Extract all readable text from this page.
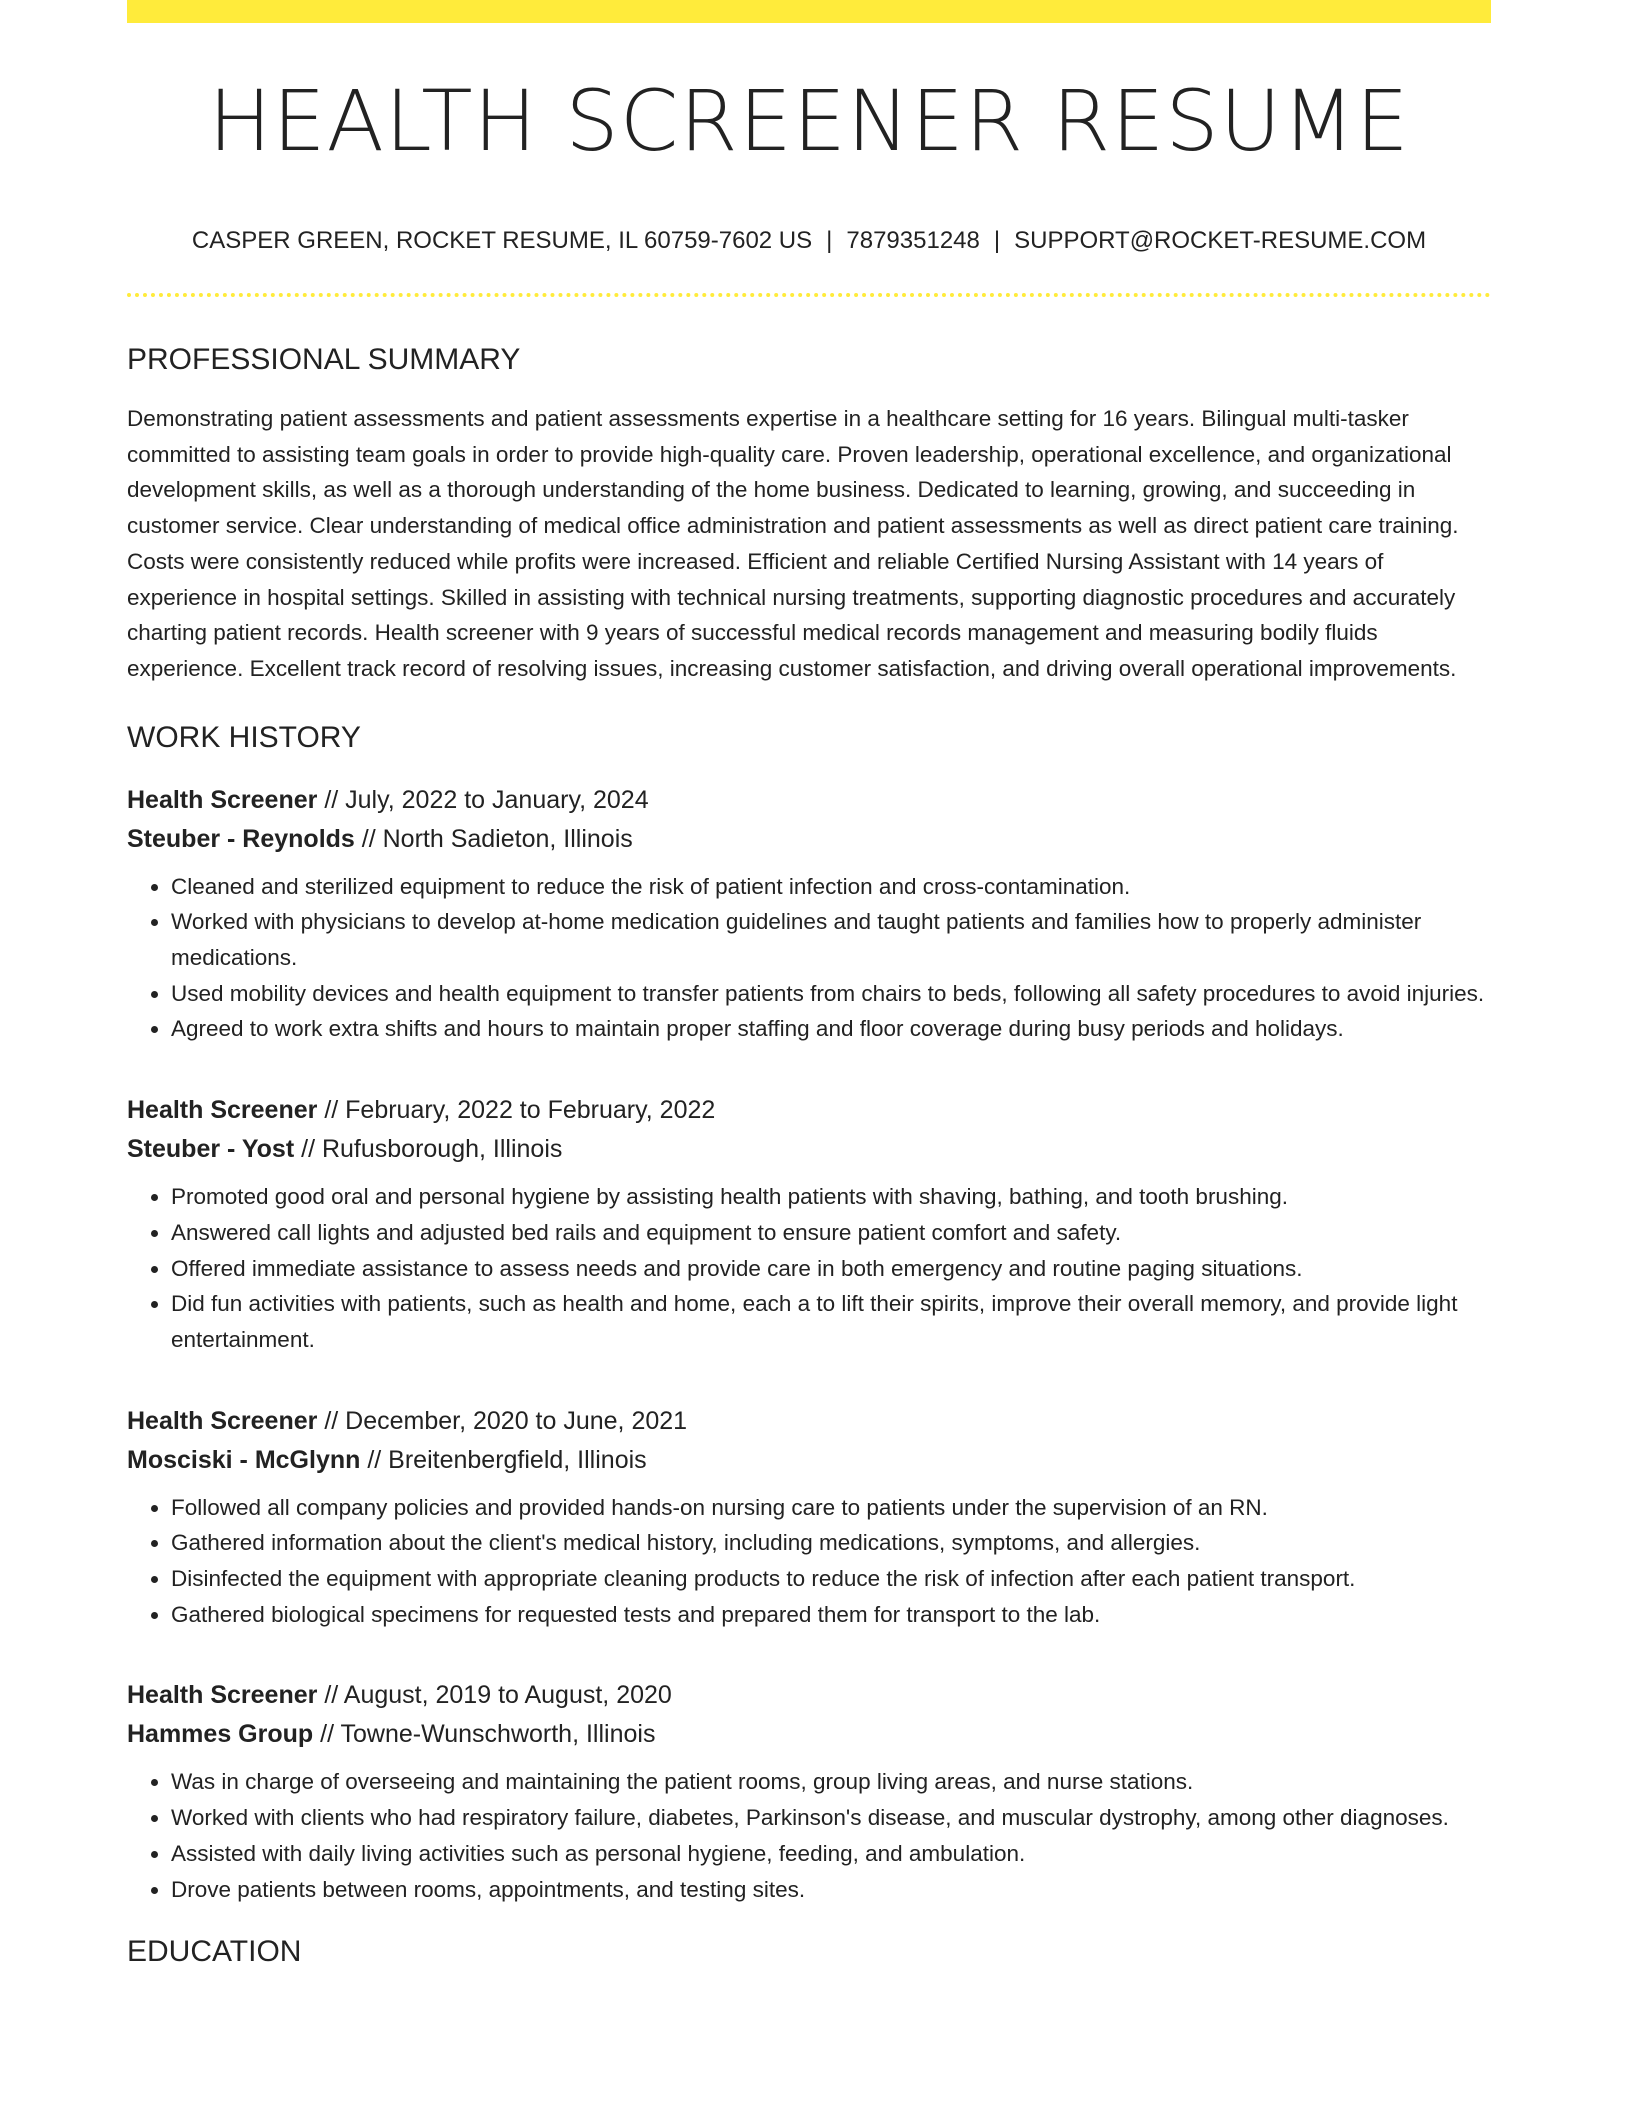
HEALTH SCREENER RESUME
CASPER GREEN, ROCKET RESUME, IL 60759-7602 US | 7879351248 | SUPPORT@ROCKET-RESUME.COM
PROFESSIONAL SUMMARY

Demonstrating patient assessments and patient assessments expertise in a healthcare setting for 16 years. Bilingual multi-tasker committed to assisting team goals in order to provide high-quality care. Proven leadership, operational excellence, and organizational development skills, as well as a thorough understanding of the home business. Dedicated to learning, growing, and succeeding in customer service. Clear understanding of medical office administration and patient assessments as well as direct patient care training. Costs were consistently reduced while profits were increased. Efficient and reliable Certified Nursing Assistant with 14 years of experience in hospital settings. Skilled in assisting with technical nursing treatments, supporting diagnostic procedures and accurately charting patient records. Health screener with 9 years of successful medical records management and measuring bodily fluids experience. Excellent track record of resolving issues, increasing customer satisfaction, and driving overall operational improvements.

WORK HISTORY
Health Screener // July, 2022 to January, 2024
Steuber - Reynolds // North Sadieton, Illinois
• Cleaned and sterilized equipment to reduce the risk of patient infection and cross-contamination.
• Worked with physicians to develop at-home medication guidelines and taught patients and families how to properly administer medications.
• Used mobility devices and health equipment to transfer patients from chairs to beds, following all safety procedures to avoid injuries.
• Agreed to work extra shifts and hours to maintain proper staffing and floor coverage during busy periods and holidays.
Health Screener // February, 2022 to February, 2022
Steuber - Yost // Rufusborough, Illinois
• Promoted good oral and personal hygiene by assisting health patients with shaving, bathing, and tooth brushing.
• Answered call lights and adjusted bed rails and equipment to ensure patient comfort and safety.
• Offered immediate assistance to assess needs and provide care in both emergency and routine paging situations.
• Did fun activities with patients, such as health and home, each a to lift their spirits, improve their overall memory, and provide light entertainment.
Health Screener // December, 2020 to June, 2021
Mosciski - McGlynn // Breitenbergfield, Illinois
• Followed all company policies and provided hands-on nursing care to patients under the supervision of an RN.
• Gathered information about the client's medical history, including medications, symptoms, and allergies.
• Disinfected the equipment with appropriate cleaning products to reduce the risk of infection after each patient transport.
• Gathered biological specimens for requested tests and prepared them for transport to the lab.
Health Screener // August, 2019 to August, 2020
Hammes Group // Towne-Wunschworth, Illinois
• Was in charge of overseeing and maintaining the patient rooms, group living areas, and nurse stations.
• Worked with clients who had respiratory failure, diabetes, Parkinson's disease, and muscular dystrophy, among other diagnoses.
• Assisted with daily living activities such as personal hygiene, feeding, and ambulation.
• Drove patients between rooms, appointments, and testing sites.
EDUCATION
